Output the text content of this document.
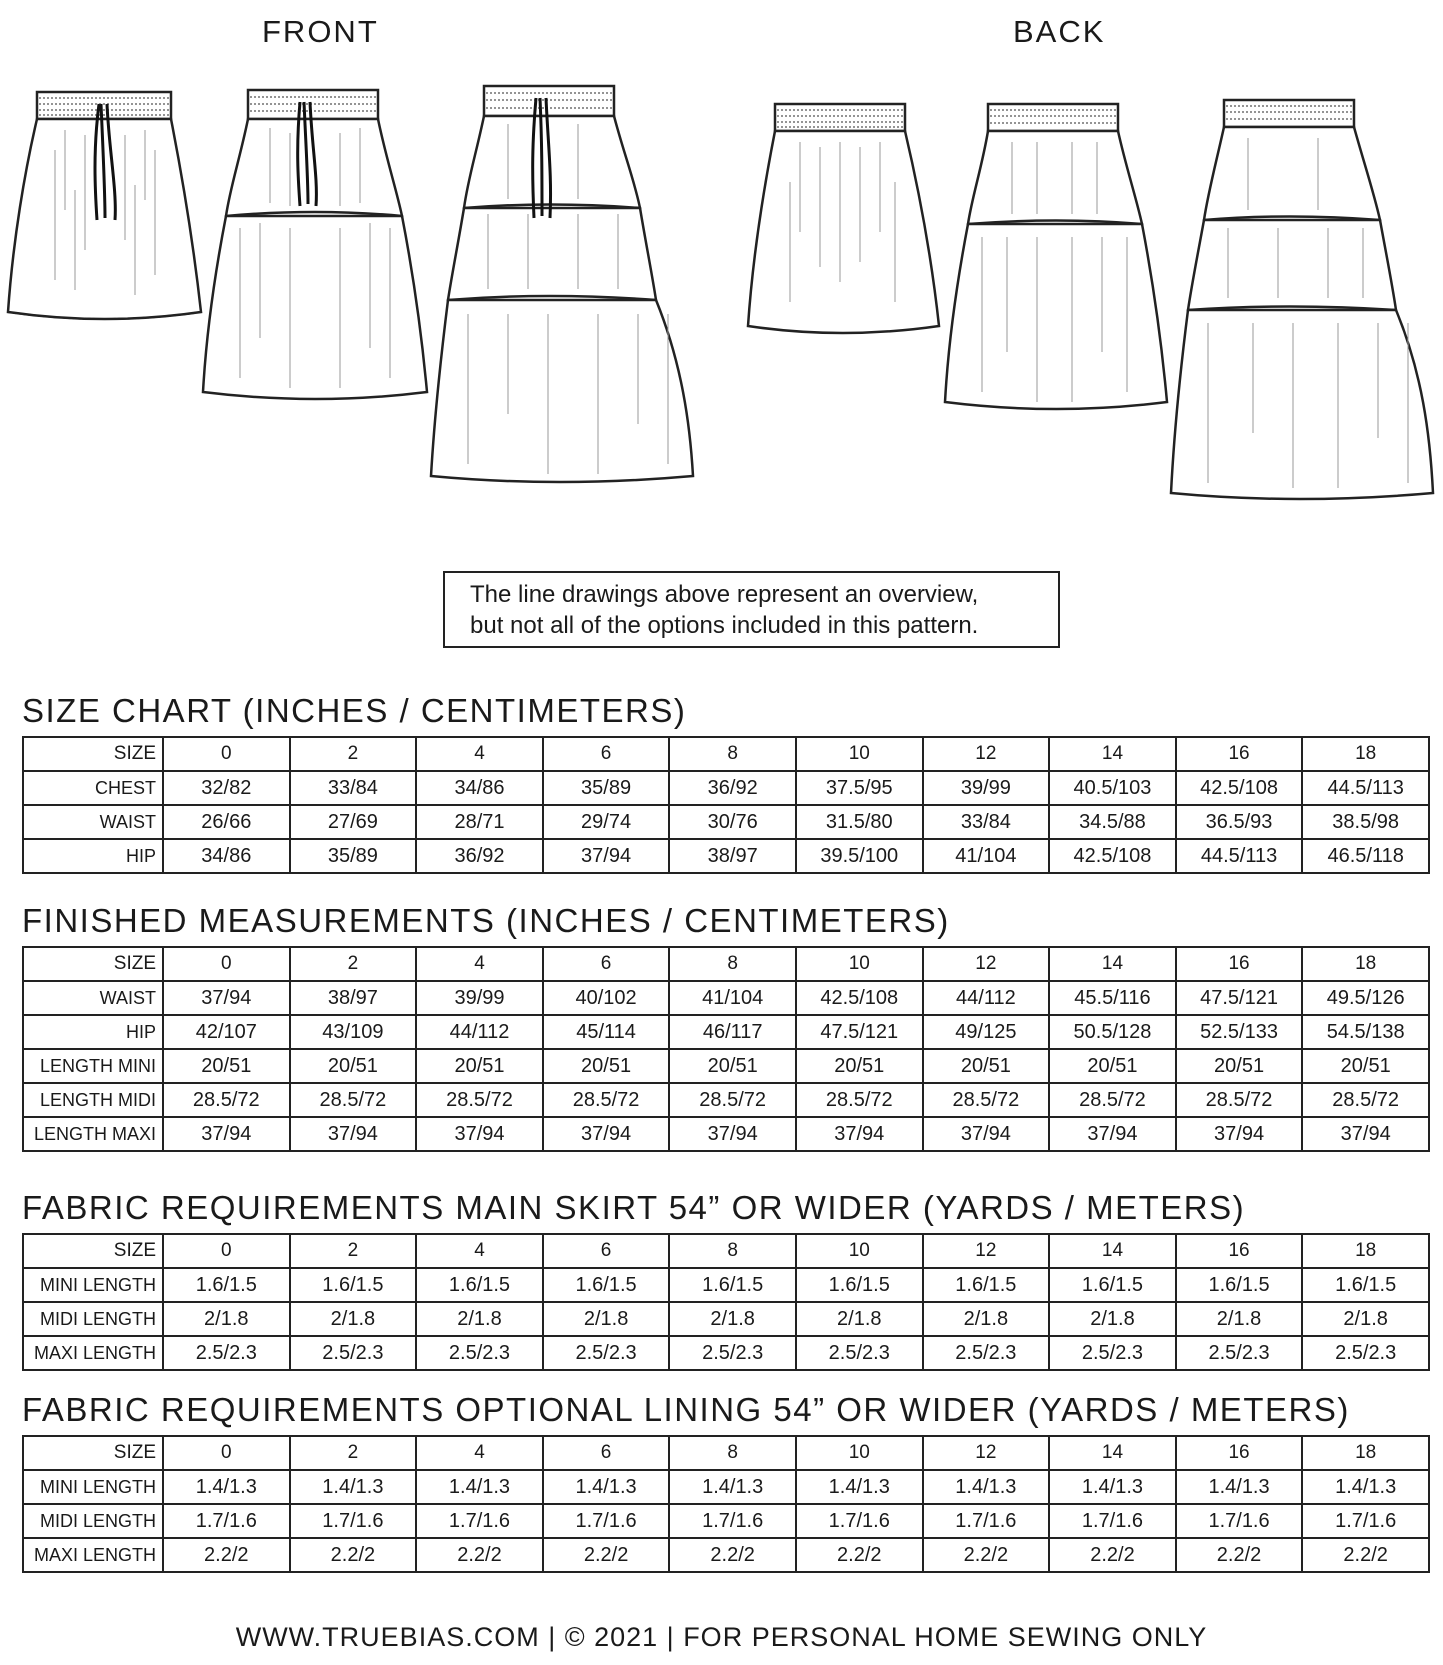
FRONT	BACK
The line drawings above represent an overview,
but not all of the options included in this pattern.
SIZE CHART (INCHES / CENTIMETERS)
SIZE	0	2	4	6	8	10	12	14	16	18
CHEST	32/82	33/84	34/86	35/89	36/92	37.5/95	39/99	40.5/103	42.5/108	44.5/113
WAIST	26/66	27/69	28/71	29/74	30/76	31.5/80	33/84	34.5/88	36.5/93	38.5/98
HIP	34/86	35/89	36/92	37/94	38/97	39.5/100	41/104	42.5/108	44.5/113	46.5/118
FINISHED MEASUREMENTS (INCHES / CENTIMETERS)
SIZE	0	2	4	6	8	10	12	14	16	18
WAIST	37/94	38/97	39/99	40/102	41/104	42.5/108	44/112	45.5/116	47.5/121	49.5/126
HIP	42/107	43/109	44/112	45/114	46/117	47.5/121	49/125	50.5/128	52.5/133	54.5/138
LENGTH MINI	20/51	20/51	20/51	20/51	20/51	20/51	20/51	20/51	20/51	20/51
LENGTH MIDI	28.5/72	28.5/72	28.5/72	28.5/72	28.5/72	28.5/72	28.5/72	28.5/72	28.5/72	28.5/72
LENGTH MAXI	37/94	37/94	37/94	37/94	37/94	37/94	37/94	37/94	37/94	37/94
FABRIC REQUIREMENTS MAIN SKIRT 54” OR WIDER (YARDS / METERS)
SIZE	0	2	4	6	8	10	12	14	16	18
MINI LENGTH	1.6/1.5	1.6/1.5	1.6/1.5	1.6/1.5	1.6/1.5	1.6/1.5	1.6/1.5	1.6/1.5	1.6/1.5	1.6/1.5
MIDI LENGTH	2/1.8	2/1.8	2/1.8	2/1.8	2/1.8	2/1.8	2/1.8	2/1.8	2/1.8	2/1.8
MAXI LENGTH	2.5/2.3	2.5/2.3	2.5/2.3	2.5/2.3	2.5/2.3	2.5/2.3	2.5/2.3	2.5/2.3	2.5/2.3	2.5/2.3
FABRIC REQUIREMENTS OPTIONAL LINING 54” OR WIDER (YARDS / METERS)
SIZE	0	2	4	6	8	10	12	14	16	18
MINI LENGTH	1.4/1.3	1.4/1.3	1.4/1.3	1.4/1.3	1.4/1.3	1.4/1.3	1.4/1.3	1.4/1.3	1.4/1.3	1.4/1.3
MIDI LENGTH	1.7/1.6	1.7/1.6	1.7/1.6	1.7/1.6	1.7/1.6	1.7/1.6	1.7/1.6	1.7/1.6	1.7/1.6	1.7/1.6
MAXI LENGTH	2.2/2	2.2/2	2.2/2	2.2/2	2.2/2	2.2/2	2.2/2	2.2/2	2.2/2	2.2/2
WWW.TRUEBIAS.COM | © 2021 | FOR PERSONAL HOME SEWING ONLY
